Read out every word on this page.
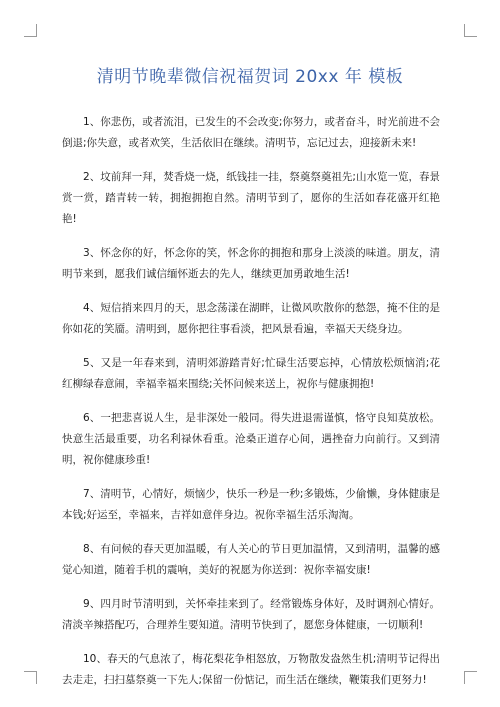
清明节晚辈微信祝福贺词 20xx 年 模板

1、你悲伤，或者流泪，已发生的不会改变;你努力，或者奋斗，时光前进不会倒退;你失意，或者欢笑，生活依旧在继续。清明节，忘记过去，迎接新未来!

2、坟前拜一拜，焚香烧一烧，纸钱挂一挂，祭奠祭奠祖先;山水览一览，春景赏一赏，踏青转一转，拥抱拥抱自然。清明节到了，愿你的生活如春花盛开红艳艳!

3、怀念你的好，怀念你的笑，怀念你的拥抱和那身上淡淡的味道。朋友，清明节来到，愿我们诚信缅怀逝去的先人，继续更加勇敢地生活!

4、短信捎来四月的天，思念荡漾在湖畔，让微风吹散你的愁怨，掩不住的是你如花的笑靥。清明到，愿你把往事看淡，把风景看遍，幸福天天绕身边。

5、又是一年春来到，清明郊游踏青好;忙碌生活要忘掉，心情放松烦恼消;花红柳绿春意闹，幸福幸福来围绕;关怀问候来送上，祝你与健康拥抱!

6、一把悲喜说人生，是非深处一般同。得失进退需谨慎，恪守良知莫放松。快意生活最重要，功名利禄休看重。沧桑正道存心间，遇挫奋力向前行。又到清明，祝你健康珍重!

7、清明节，心情好，烦恼少，快乐一秒是一秒;多锻炼，少偷懒，身体健康是本钱;好运至，幸福来，吉祥如意伴身边。祝你幸福生活乐淘淘。

8、有问候的春天更加温暖，有人关心的节日更加温情，又到清明，温馨的感觉心知道，随着手机的震响，美好的祝愿为你送到：祝你幸福安康!

9、四月时节清明到，关怀牵挂来到了。经常锻炼身体好，及时调剂心情好。清淡辛辣搭配巧，合理养生要知道。清明节快到了，愿您身体健康，一切顺利!

10、春天的气息浓了，梅花梨花争相怒放，万物散发盎然生机;清明节记得出去走走，扫扫墓祭奠一下先人;保留一份惦记，而生活在继续，鞭策我们更努力!
